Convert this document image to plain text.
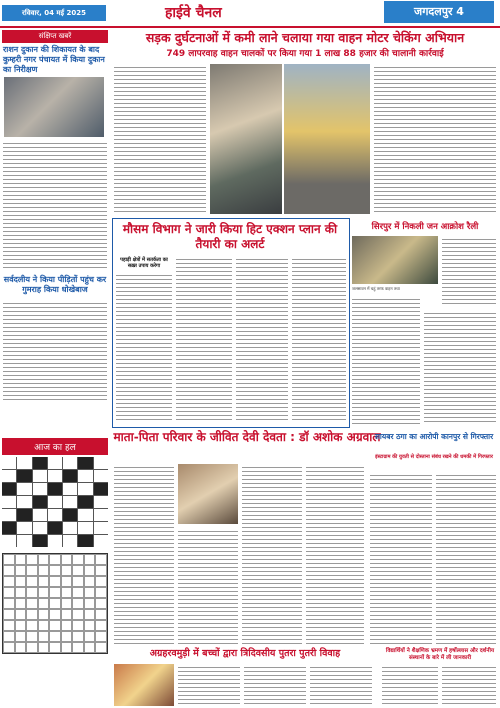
रविवार, 04 मई 2025	हाईवे चैनल	जगदलपुर 4
संक्षिप्त खबरें
राशन दुकान की शिकायत के बाद कुम्हरी नगर पंचायत में किया दुकान का निरीक्षण
सर्वदलीय ने किया पीड़ितों पहुंच कर गुमराह किया धोखेबाज
आज का हल
सड़क दुर्घटनाओं में कमी लाने चलाया गया वाहन मोटर चेकिंग अभियान
749 लापरवाह वाहन चालकों पर किया गया 1 लाख 88 हजार की चालानी कार्रवाई
मौसम विभाग ने जारी किया हिट एक्शन प्लान की तैयारी का अलर्ट
पहाड़ी क्षेत्रों में सतर्कता का सख़्त उपाय करेगा
सिरपुर में निकली जन आक्रोश रैली
जलसावन में चहुं तरफ वाहन तथा
माता-पिता परिवार के जीवित देवी देवता : डॉ अशोक अग्रवाल
सायबर ठगा का आरोपी कानपुर से गिरफ्तार
इंस्टाग्राम की युवती से दोस्ताना संबंध रखने की धमकी में गिरफ्तार
अग्रहरवमुड़ी में बच्चों द्वारा त्रिदिवसीय पुतरा पुतरी विवाह	विद्यार्थियों ने शैक्षणिक भ्रमण में हर्षोल्लास और दर्शनीय संस्थानों के बारे में ली जानकारी
